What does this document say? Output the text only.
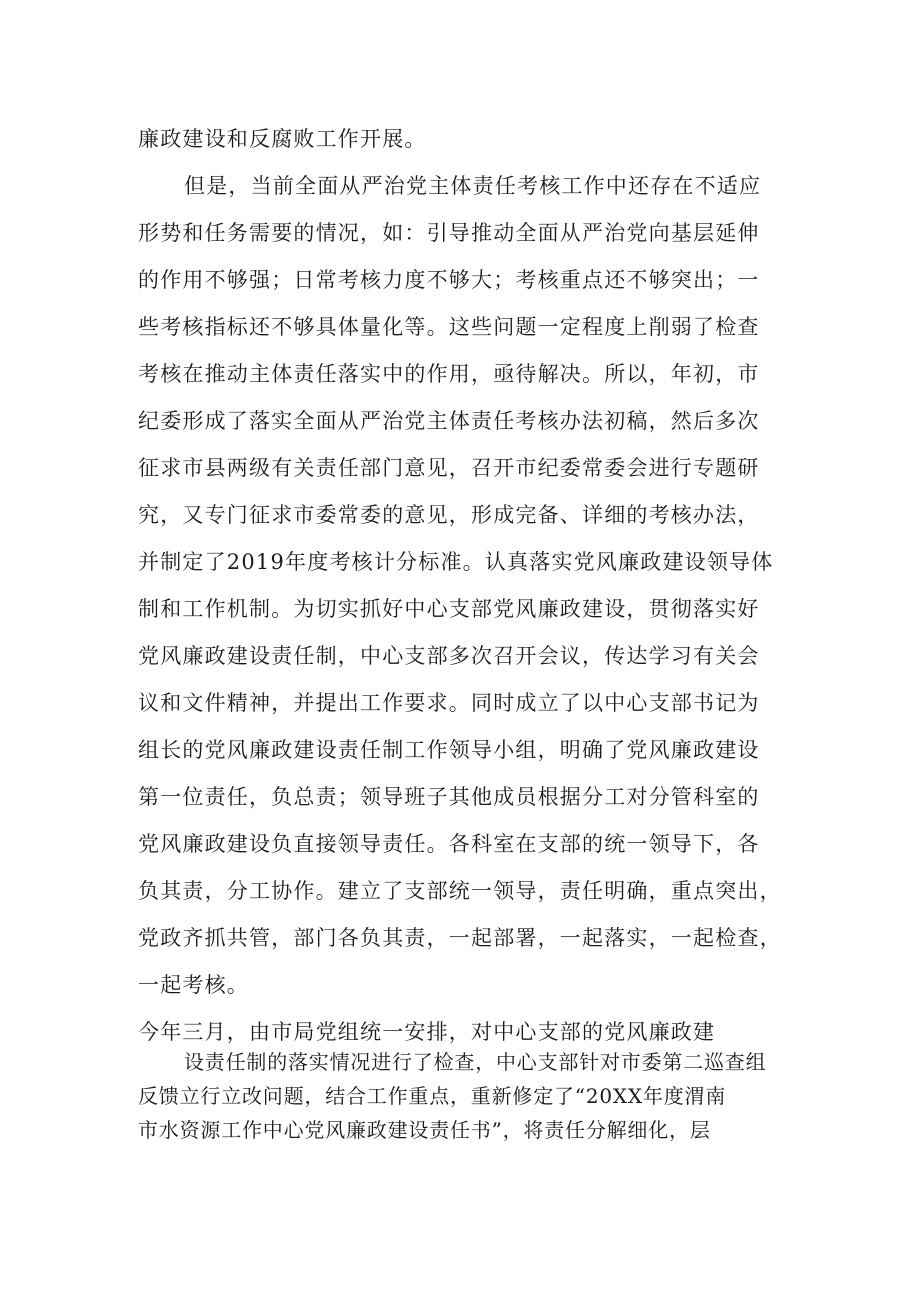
廉政建设和反腐败工作开展。
但是，当前全面从严治党主体责任考核工作中还存在不适应
形势和任务需要的情况，如：引导推动全面从严治党向基层延伸
的作用不够强；日常考核力度不够大；考核重点还不够突出；一
些考核指标还不够具体量化等。这些问题一定程度上削弱了检查
考核在推动主体责任落实中的作用，亟待解决。所以，年初，市
纪委形成了落实全面从严治党主体责任考核办法初稿，然后多次
征求市县两级有关责任部门意见，召开市纪委常委会进行专题研
究，又专门征求市委常委的意见，形成完备、详细的考核办法，
并制定了2019年度考核计分标准。认真落实党风廉政建设领导体
制和工作机制。为切实抓好中心支部党风廉政建设，贯彻落实好
党风廉政建设责任制，中心支部多次召开会议，传达学习有关会
议和文件精神，并提出工作要求。同时成立了以中心支部书记为
组长的党风廉政建设责任制工作领导小组，明确了党风廉政建设
第一位责任，负总责；领导班子其他成员根据分工对分管科室的
党风廉政建设负直接领导责任。各科室在支部的统一领导下，各
负其责，分工协作。建立了支部统一领导，责任明确，重点突出，
党政齐抓共管，部门各负其责，一起部署，一起落实，一起检查，
一起考核。
今年三月，由市局党组统一安排，对中心支部的党风廉政建
设责任制的落实情况进行了检查，中心支部针对市委第二巡查组
反馈立行立改问题，结合工作重点，重新修定了“20XX年度渭南
市水资源工作中心党风廉政建设责任书”，将责任分解细化，层
